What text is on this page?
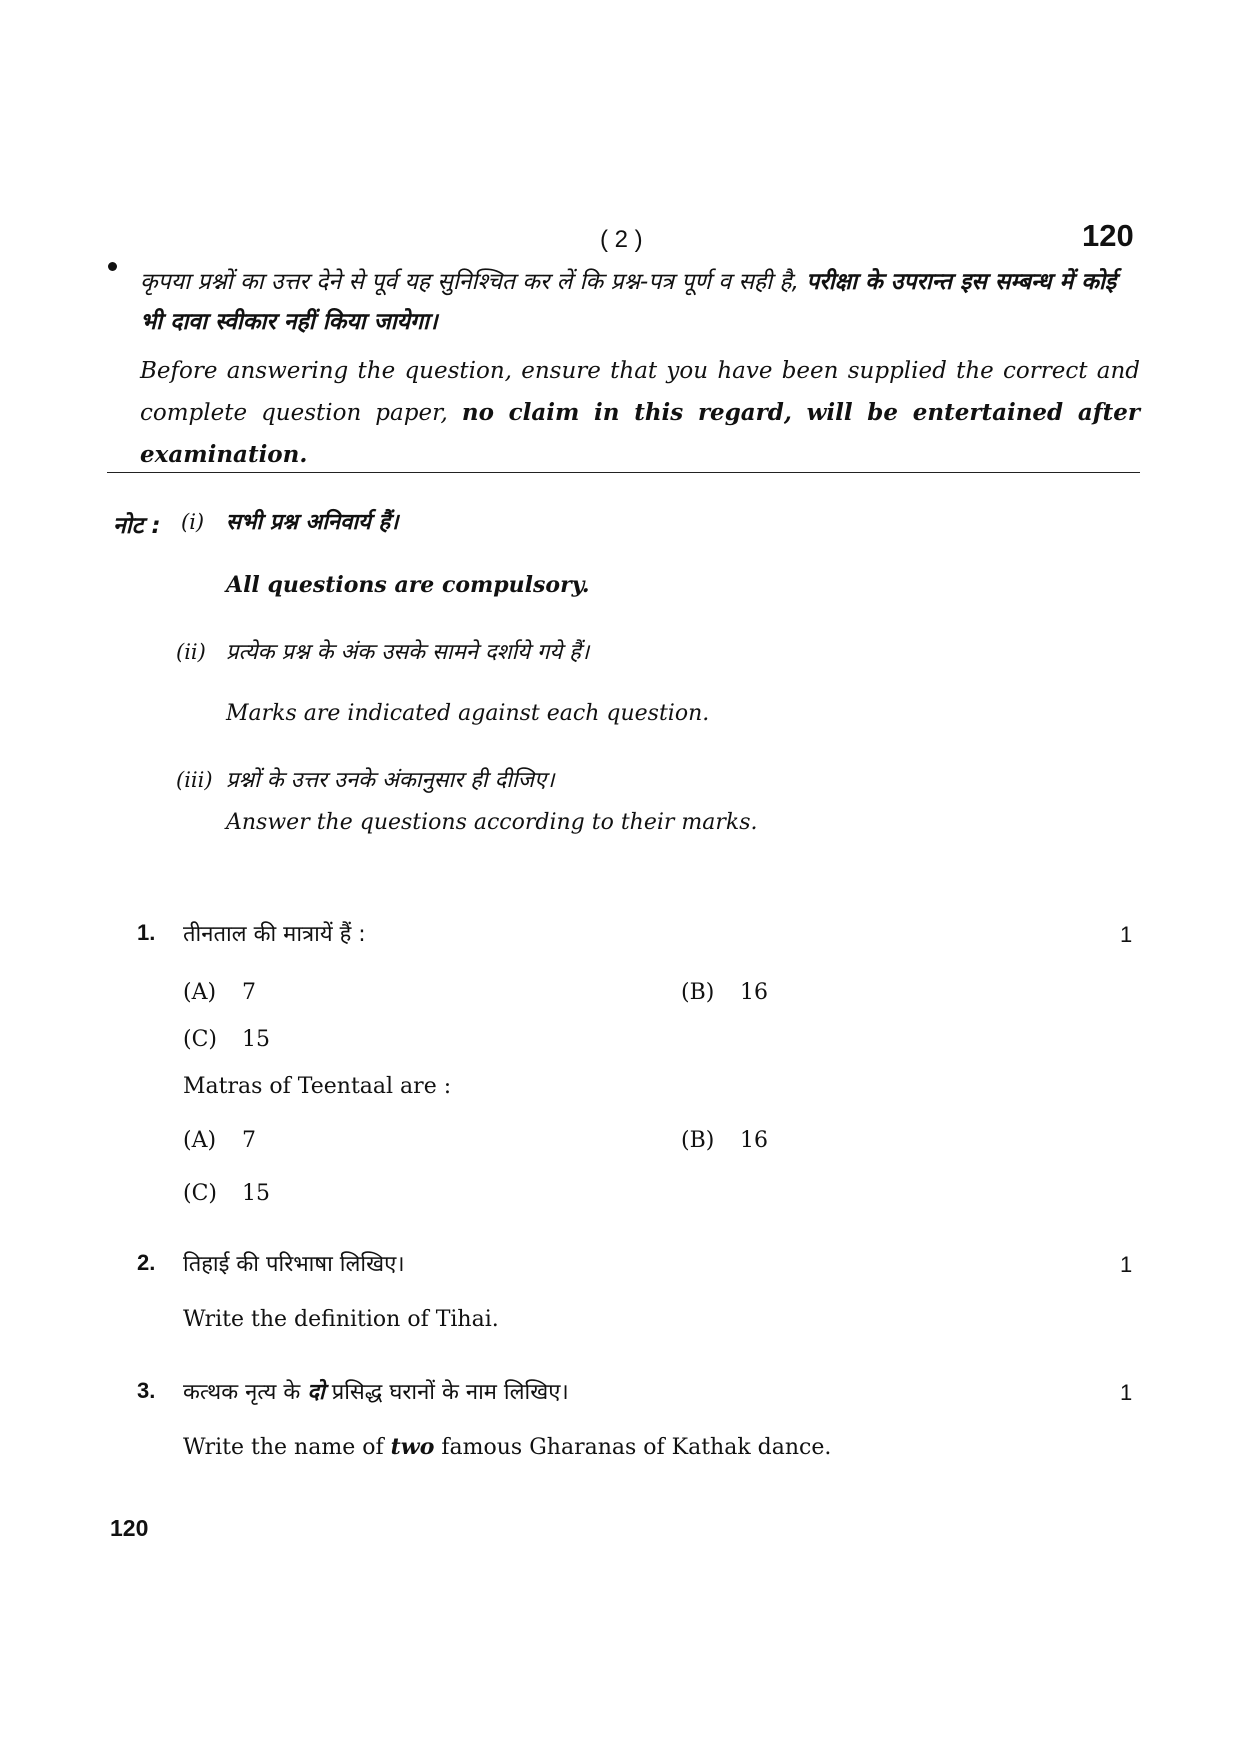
( 2 )	120
कृपया प्रश्नों का उत्तर देने से पूर्व यह सुनिश्चित कर लें कि प्रश्न-पत्र पूर्ण व सही है, परीक्षा के उपरान्त इस सम्बन्ध में कोई भी दावा स्वीकार नहीं किया जायेगा।
Before answering the question, ensure that you have been supplied the correct and complete question paper, no claim in this regard, will be entertained after examination.
नोट : (i) सभी प्रश्न अनिवार्य हैं।
All questions are compulsory.
(ii) प्रत्येक प्रश्न के अंक उसके सामने दर्शाये गये हैं।
Marks are indicated against each question.
(iii) प्रश्नों के उत्तर उनके अंकानुसार ही दीजिए।
Answer the questions according to their marks.
1. तीनताल की मात्रायें हैं :	1
(A) 7	(B) 16
(C) 15
Matras of Teentaal are :
(A) 7	(B) 16
(C) 15
2. तिहाई की परिभाषा लिखिए।	1
Write the definition of Tihai.
3. कत्थक नृत्य के दो प्रसिद्ध घरानों के नाम लिखिए।	1
Write the name of two famous Gharanas of Kathak dance.
120
